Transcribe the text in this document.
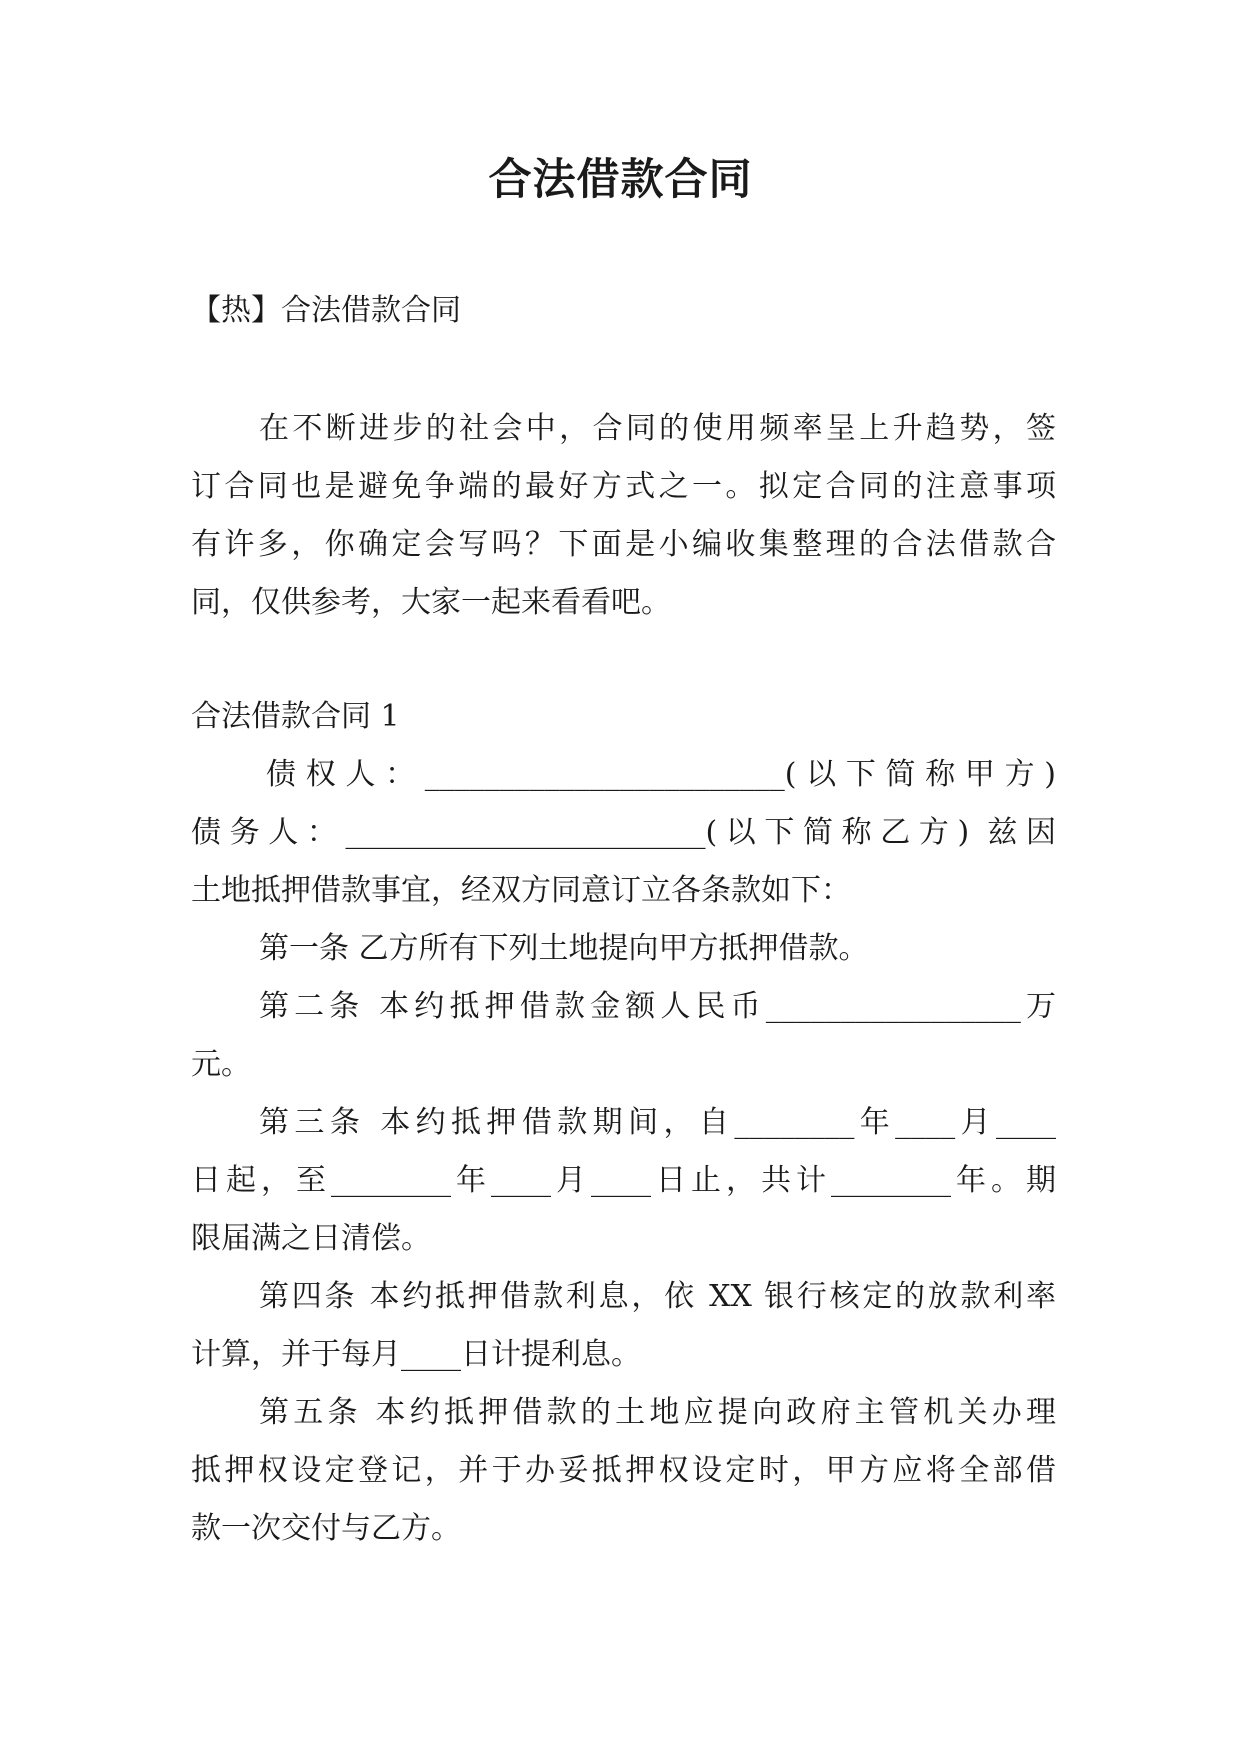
合法借款合同
【热】合法借款合同
在不断进步的社会中，合同的使用频率呈上升趋势，签
订合同也是避免争端的最好方式之一。拟定合同的注意事项
有许多，你确定会写吗？下面是小编收集整理的合法借款合
同，仅供参考，大家一起来看看吧。
合法借款合同 1
债权人：________________________(以下简称甲方)
债务人：________________________(以下简称乙方) 兹因
土地抵押借款事宜，经双方同意订立各条款如下：
第一条 乙方所有下列土地提向甲方抵押借款。
第二条 本约抵押借款金额人民币_________________万
元。
第三条 本约抵押借款期间，自________年____月____
日起，至________年____月____日止，共计________年。期
限届满之日清偿。
第四条 本约抵押借款利息，依 XX 银行核定的放款利率
计算，并于每月____日计提利息。
第五条 本约抵押借款的土地应提向政府主管机关办理
抵押权设定登记，并于办妥抵押权设定时，甲方应将全部借
款一次交付与乙方。
